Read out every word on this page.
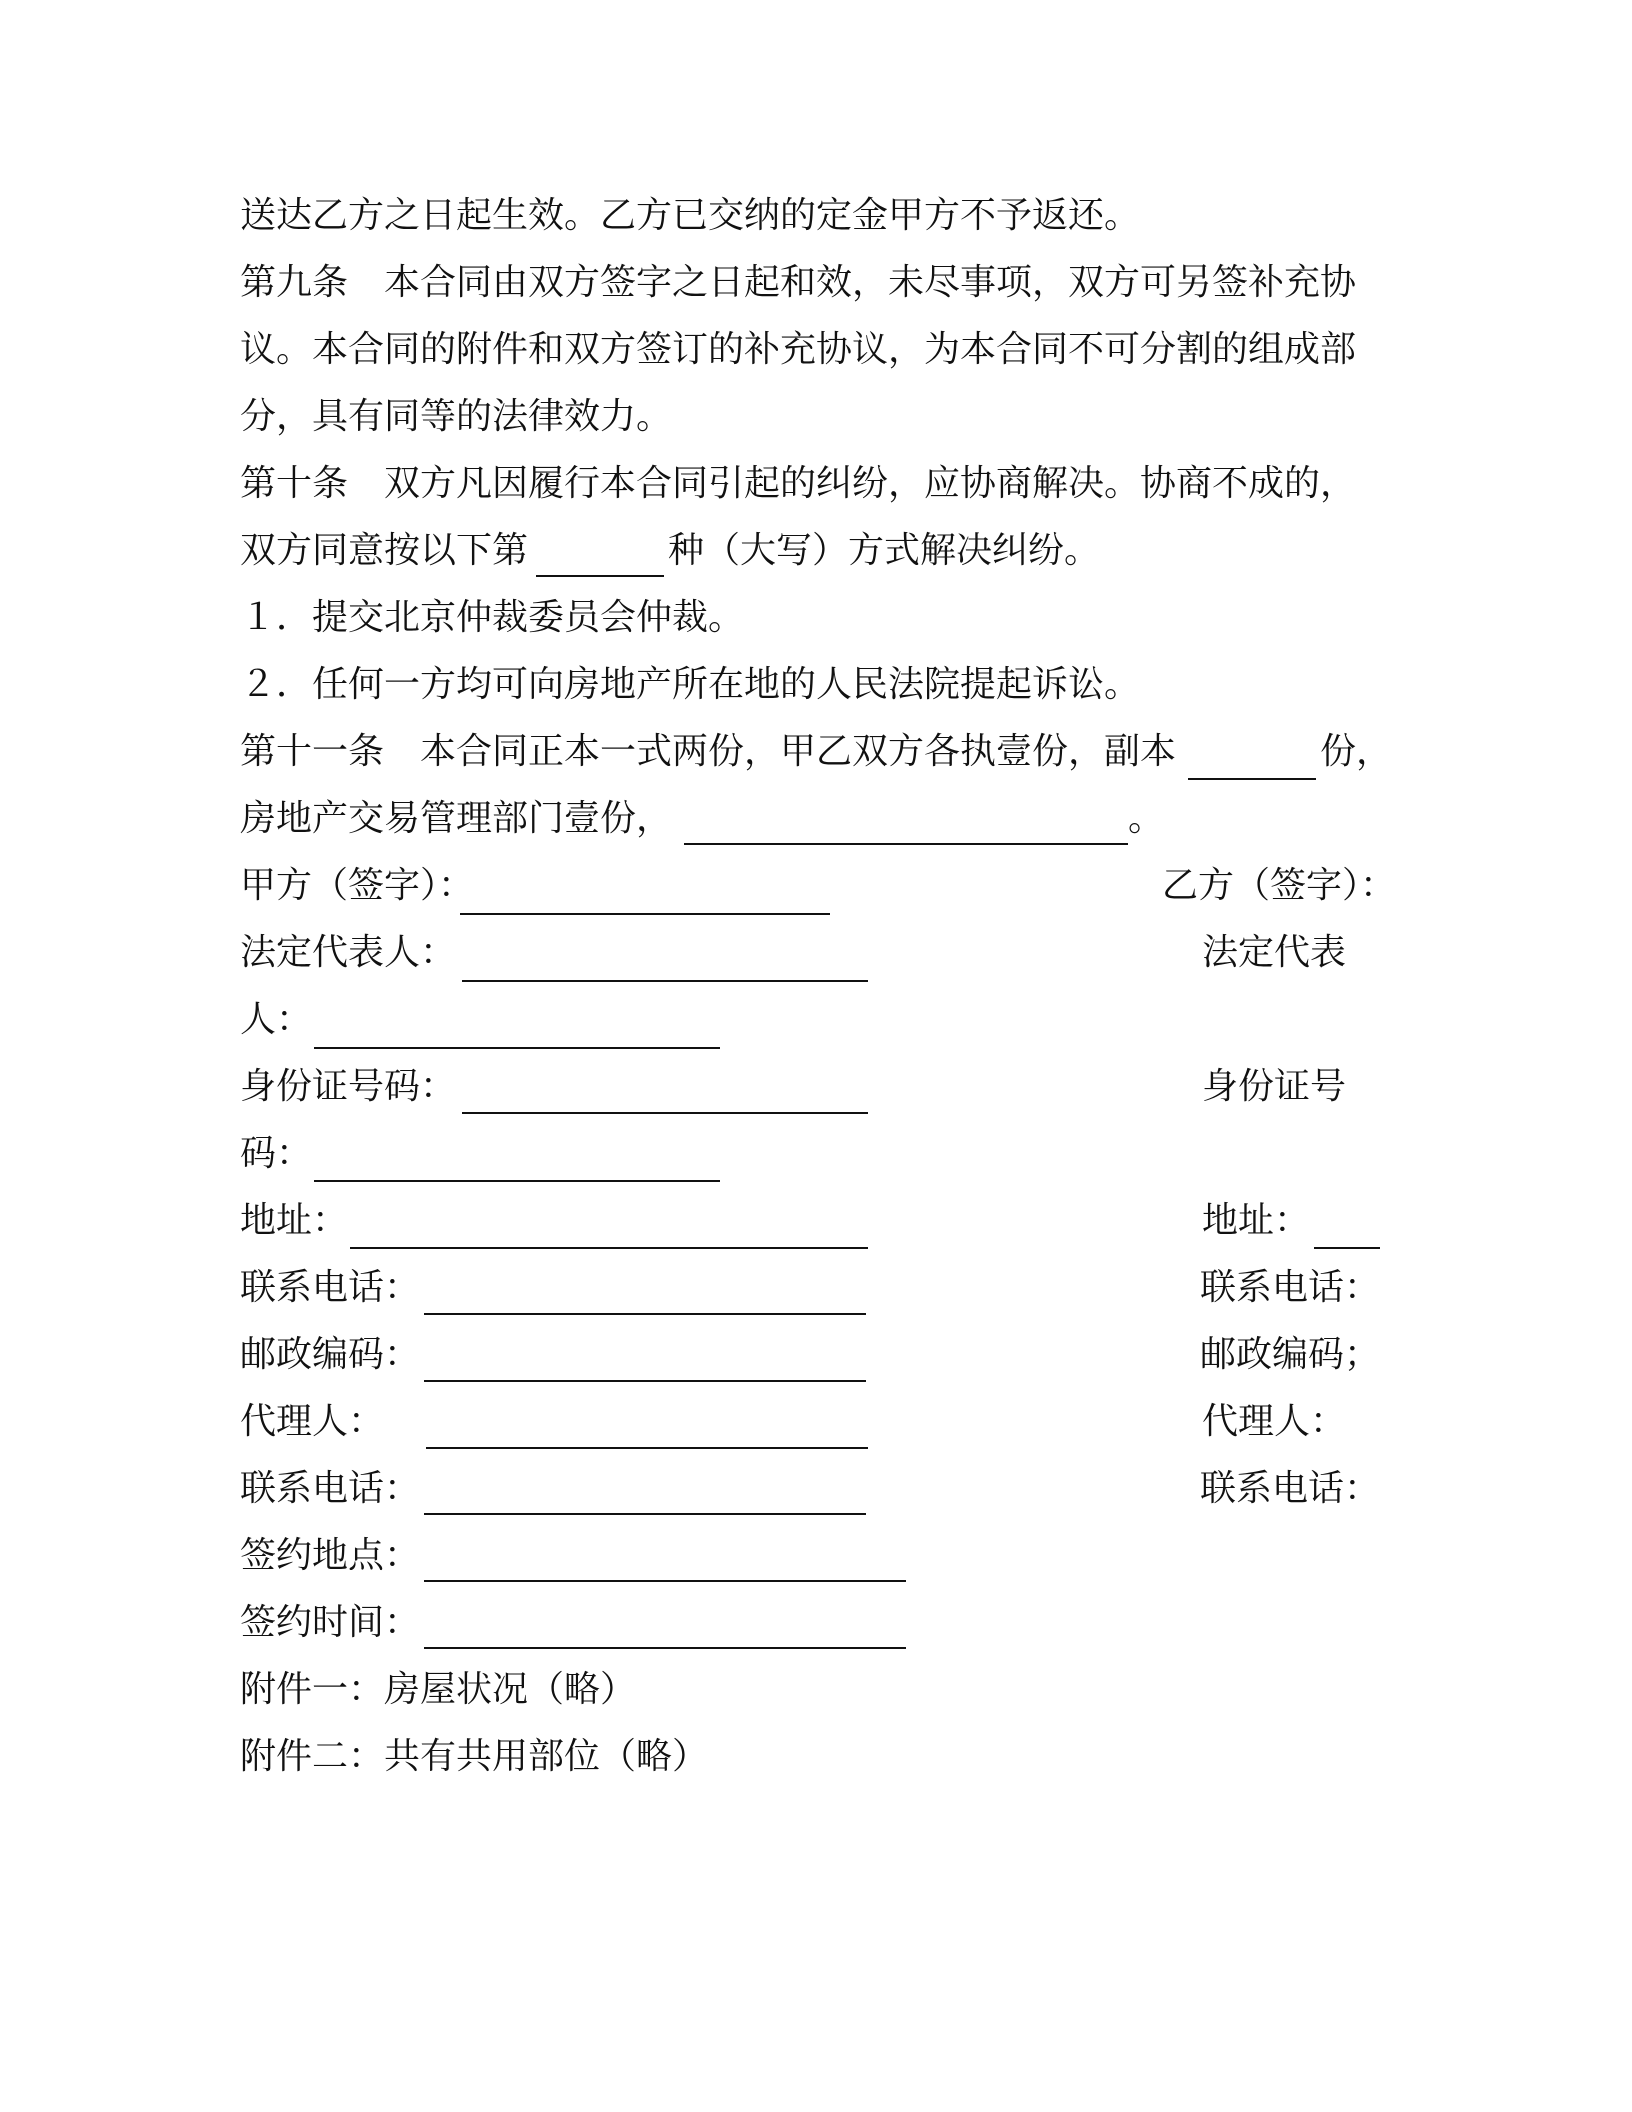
送达乙方之日起生效。乙方已交纳的定金甲方不予返还。
第九条　本合同由双方签字之日起和效，未尽事项，双方可另签补充协
议。本合同的附件和双方签订的补充协议，为本合同不可分割的组成部
分，具有同等的法律效力。
第十条　双方凡因履行本合同引起的纠纷，应协商解决。协商不成的，
双方同意按以下第	种（大写）方式解决纠纷。
１．提交北京仲裁委员会仲裁。
２．任何一方均可向房地产所在地的人民法院提起诉讼。
第十一条　本合同正本一式两份，甲乙双方各执壹份，副本	份，
房地产交易管理部门壹份，	。
甲方（签字）：	乙方（签字）：
法定代表人：	法定代表
人：
身份证号码：	身份证号
码：
地址：	地址：
联系电话：	联系电话：
邮政编码：	邮政编码；
代理人：	代理人：
联系电话：	联系电话：
签约地点：
签约时间：
附件一：房屋状况（略）
附件二：共有共用部位（略）
